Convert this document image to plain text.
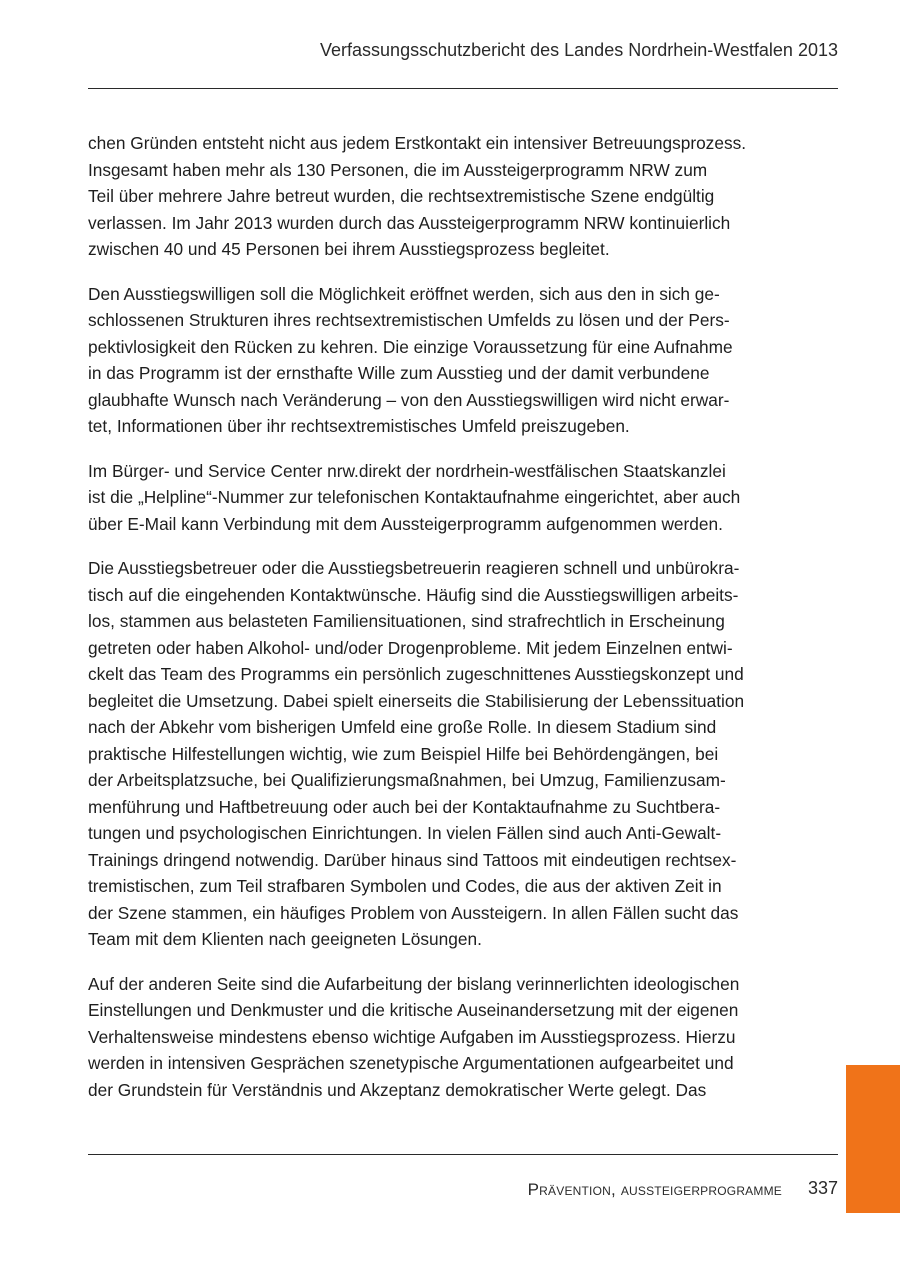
Verfassungsschutzbericht des Landes Nordrhein-Westfalen 2013

chen Gründen entsteht nicht aus jedem Erstkontakt ein intensiver Betreuungsprozess.
Insgesamt haben mehr als 130 Personen, die im Aussteigerprogramm NRW zum
Teil über mehrere Jahre betreut wurden, die rechtsextremistische Szene endgültig
verlassen. Im Jahr 2013 wurden durch das Aussteigerprogramm NRW kontinuierlich
zwischen 40 und 45 Personen bei ihrem Ausstiegsprozess begleitet.

Den Ausstiegswilligen soll die Möglichkeit eröffnet werden, sich aus den in sich ge-
schlossenen Strukturen ihres rechtsextremistischen Umfelds zu lösen und der Pers-
pektivlosigkeit den Rücken zu kehren. Die einzige Voraussetzung für eine Aufnahme
in das Programm ist der ernsthafte Wille zum Ausstieg und der damit verbundene
glaubhafte Wunsch nach Veränderung – von den Ausstiegswilligen wird nicht erwar-
tet, Informationen über ihr rechtsextremistisches Umfeld preiszugeben.

Im Bürger- und Service Center nrw.direkt der nordrhein-westfälischen Staatskanzlei
ist die „Helpline“-Nummer zur telefonischen Kontaktaufnahme eingerichtet, aber auch
über E-Mail kann Verbindung mit dem Aussteigerprogramm aufgenommen werden.

Die Ausstiegsbetreuer oder die Ausstiegsbetreuerin reagieren schnell und unbürokra-
tisch auf die eingehenden Kontaktwünsche. Häufig sind die Ausstiegswilligen arbeits-
los, stammen aus belasteten Familiensituationen, sind strafrechtlich in Erscheinung
getreten oder haben Alkohol- und/oder Drogenprobleme. Mit jedem Einzelnen entwi-
ckelt das Team des Programms ein persönlich zugeschnittenes Ausstiegskonzept und
begleitet die Umsetzung. Dabei spielt einerseits die Stabilisierung der Lebenssituation
nach der Abkehr vom bisherigen Umfeld eine große Rolle. In diesem Stadium sind
praktische Hilfestellungen wichtig, wie zum Beispiel Hilfe bei Behördengängen, bei
der Arbeitsplatzsuche, bei Qualifizierungsmaßnahmen, bei Umzug, Familienzusam-
menführung und Haftbetreuung oder auch bei der Kontaktaufnahme zu Suchtbera-
tungen und psychologischen Einrichtungen. In vielen Fällen sind auch Anti-Gewalt-
Trainings dringend notwendig. Darüber hinaus sind Tattoos mit eindeutigen rechtsex-
tremistischen, zum Teil strafbaren Symbolen und Codes, die aus der aktiven Zeit in
der Szene stammen, ein häufiges Problem von Aussteigern. In allen Fällen sucht das
Team mit dem Klienten nach geeigneten Lösungen.

Auf der anderen Seite sind die Aufarbeitung der bislang verinnerlichten ideologischen
Einstellungen und Denkmuster und die kritische Auseinandersetzung mit der eigenen
Verhaltensweise mindestens ebenso wichtige Aufgaben im Ausstiegsprozess. Hierzu
werden in intensiven Gesprächen szenetypische Argumentationen aufgearbeitet und
der Grundstein für Verständnis und Akzeptanz demokratischer Werte gelegt. Das

Prävention, aussteigerprogramme 337
